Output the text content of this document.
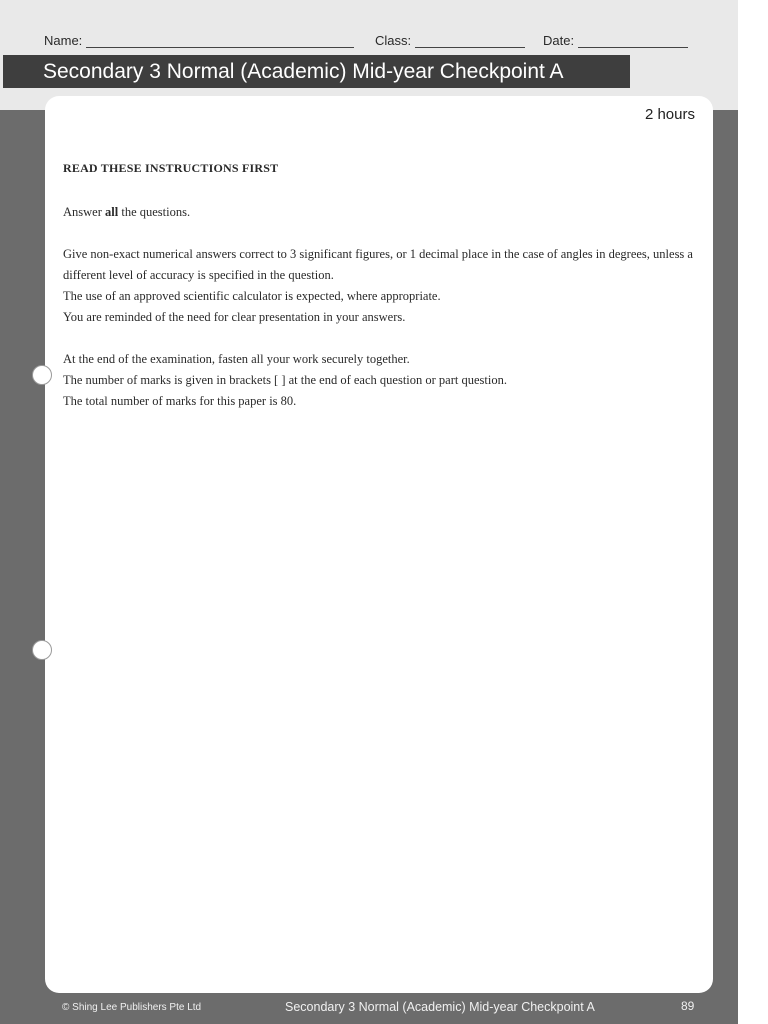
Name:	Class:	Date:
Secondary 3 Normal (Academic) Mid-year Checkpoint A
2 hours

READ THESE INSTRUCTIONS FIRST

Answer all the questions.

Give non-exact numerical answers correct to 3 significant figures, or 1 decimal place in the case of angles in degrees, unless a different level of accuracy is specified in the question.

The use of an approved scientific calculator is expected, where appropriate.

You are reminded of the need for clear presentation in your answers.

At the end of the examination, fasten all your work securely together.

The number of marks is given in brackets [ ] at the end of each question or part question.

The total number of marks for this paper is 80.

© Shing Lee Publishers Pte Ltd	Secondary 3 Normal (Academic) Mid-year Checkpoint A	89
